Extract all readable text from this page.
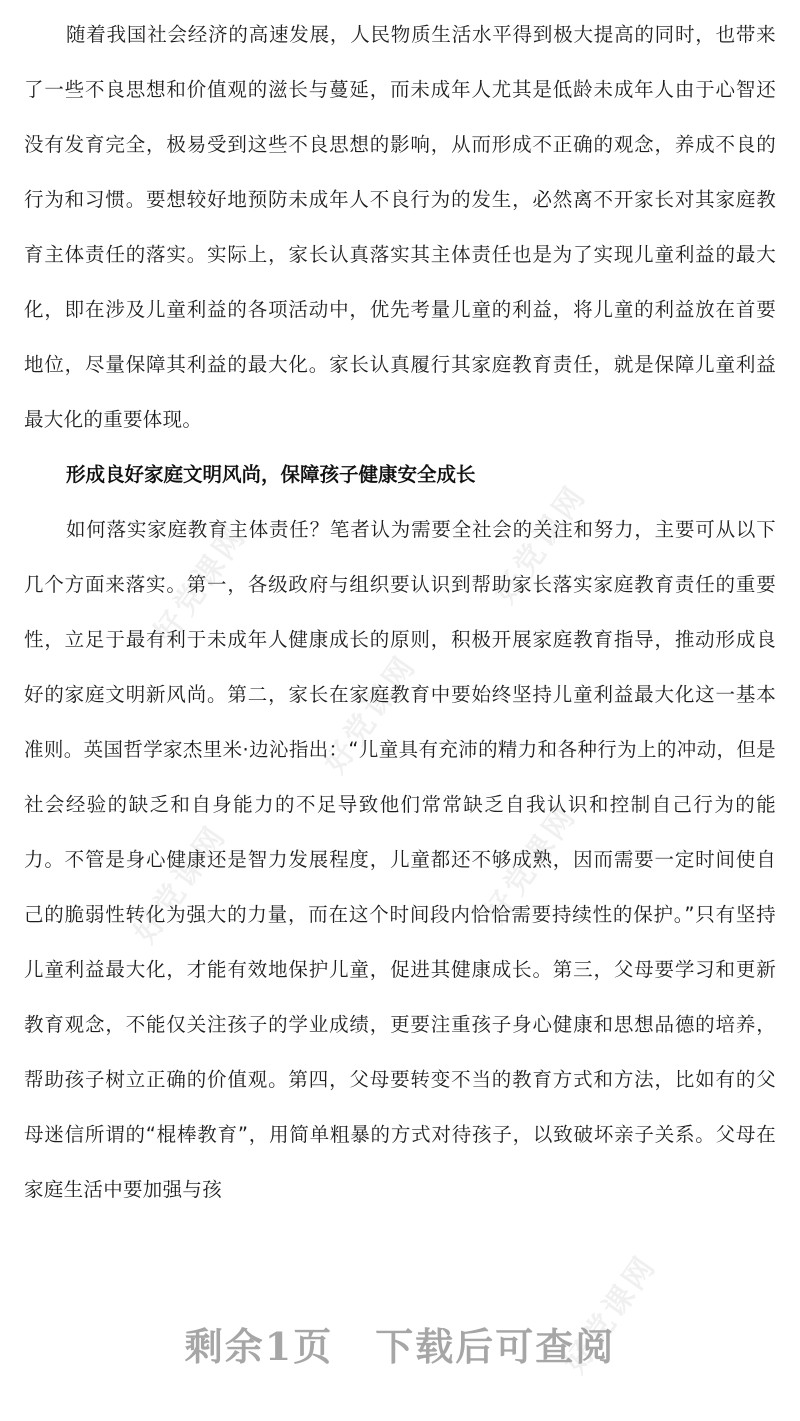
好党课网	好党课网
好党课网
好党课网	好党课网
好党课网

随着我国社会经济的高速发展，人民物质生活水平得到极大提高的同时，也带来了一些不良思想和价值观的滋长与蔓延，而未成年人尤其是低龄未成年人由于心智还没有发育完全，极易受到这些不良思想的影响，从而形成不正确的观念，养成不良的行为和习惯。要想较好地预防未成年人不良行为的发生，必然离不开家长对其家庭教育主体责任的落实。实际上，家长认真落实其主体责任也是为了实现儿童利益的最大化，即在涉及儿童利益的各项活动中，优先考量儿童的利益，将儿童的利益放在首要地位，尽量保障其利益的最大化。家长认真履行其家庭教育责任，就是保障儿童利益最大化的重要体现。

形成良好家庭文明风尚，保障孩子健康安全成长

如何落实家庭教育主体责任？笔者认为需要全社会的关注和努力，主要可从以下几个方面来落实。第一，各级政府与组织要认识到帮助家长落实家庭教育责任的重要性，立足于最有利于未成年人健康成长的原则，积极开展家庭教育指导，推动形成良好的家庭文明新风尚。第二，家长在家庭教育中要始终坚持儿童利益最大化这一基本准则。英国哲学家杰里米·边沁指出：“儿童具有充沛的精力和各种行为上的冲动，但是社会经验的缺乏和自身能力的不足导致他们常常缺乏自我认识和控制自己行为的能力。不管是身心健康还是智力发展程度，儿童都还不够成熟，因而需要一定时间使自己的脆弱性转化为强大的力量，而在这个时间段内恰恰需要持续性的保护。”只有坚持儿童利益最大化，才能有效地保护儿童，促进其健康成长。第三，父母要学习和更新教育观念，不能仅关注孩子的学业成绩，更要注重孩子身心健康和思想品德的培养，帮助孩子树立正确的价值观。第四，父母要转变不当的教育方式和方法，比如有的父母迷信所谓的“棍棒教育”，用简单粗暴的方式对待孩子，以致破坏亲子关系。父母在家庭生活中要加强与孩

剩余1页 下载后可查阅
